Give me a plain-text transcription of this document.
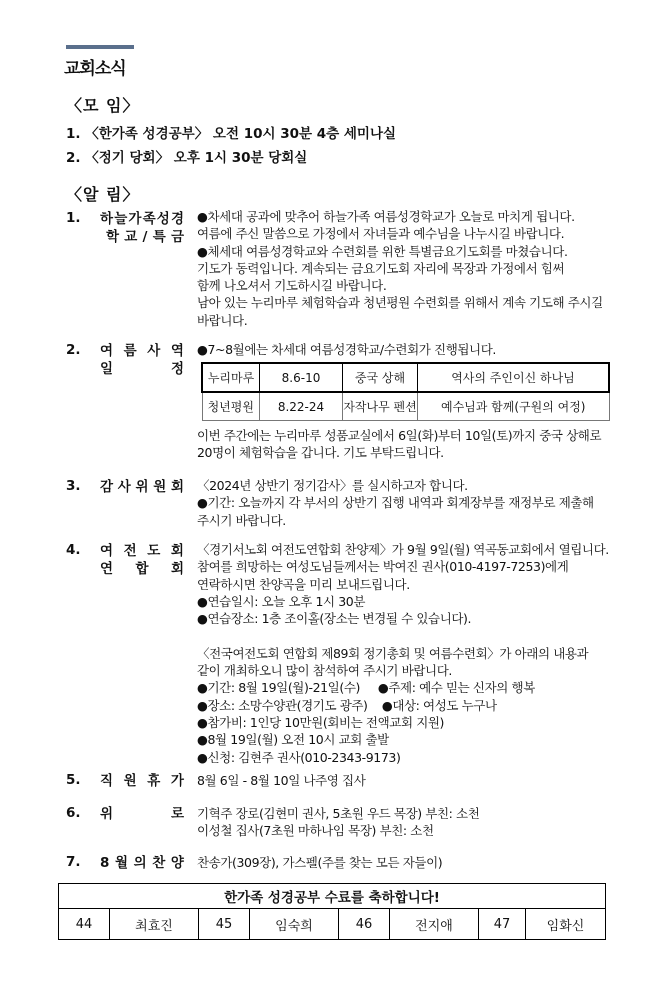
교회소식
〈모 임〉
1. 〈한가족 성경공부〉 오전 10시 30분 4층 세미나실
2. 〈정기 당회〉 오후 1시 30분 당회실
〈알 림〉
1. 하 늘 가 족 성 경
학 교 / 특 금
●차세대 공과에 맞추어 하늘가족 여름성경학교가 오늘로 마치게 됩니다.
여름에 주신 말씀으로 가정에서 자녀들과 예수님을 나누시길 바랍니다.
●체세대 여름성경학교와 수련회를 위한 특별금요기도회를 마쳤습니다.
기도가 동력입니다. 계속되는 금요기도회 자리에 목장과 가정에서 힘써
함께 나오셔서 기도하시길 바랍니다.
남아 있는 누리마루 체험학습과 청년평원 수련회를 위해서 계속 기도해 주시길
바랍니다.
2. 여 름 사 역
일	정
●7~8월에는 차세대 여름성경학교/수련회가 진행됩니다.
누리마루	8.6-10	중국 상해	역사의 주인이신 하나님
청년평원	8.22-24	자작나무 펜션	예수님과 함께(구원의 여정)
이번 주간에는 누리마루 성품교실에서 6일(화)부터 10일(토)까지 중국 상해로
20명이 체험학습을 갑니다. 기도 부탁드립니다.
3. 감 사 위 원 회 〈2024년 상반기 정기감사〉를 실시하고자 합니다.
●기간: 오늘까지 각 부서의 상반기 집행 내역과 회계장부를 재정부로 제출해
주시기 바랍니다.
4. 여 전 도 회
연 합 회
〈경기서노회 여전도연합회 찬양제〉가 9월 9일(월) 역곡동교회에서 열립니다.
참여를 희망하는 여성도님들께서는 박여진 권사(010-4197-7253)에게
연락하시면 찬양곡을 미리 보내드립니다.
●연습일시: 오늘 오후 1시 30분
●연습장소: 1층 조이홀(장소는 변경될 수 있습니다).
〈전국여전도회 연합회 제89회 정기총회 및 여름수련회〉가 아래의 내용과
같이 개최하오니 많이 참석하여 주시기 바랍니다.
●기간: 8월 19일(월)-21일(수)     ●주제: 예수 믿는 신자의 행복
●장소: 소망수양관(경기도 광주)    ●대상: 여성도 누구나
●참가비: 1인당 10만원(회비는 전액교회 지원)
●8월 19일(월) 오전 10시 교회 출발
●신청: 김현주 권사(010-2343-9173)
5. 직 원 휴 가 8월 6일 - 8월 10일 나주영 집사
6. 위	로 기혁주 장로(김현미 권사, 5초원 우드 목장) 부친: 소천
이성철 집사(7초원 마하나임 목장) 부친: 소천
7. 8 월 의 찬 양 찬송가(309장), 가스펠(주를 찾는 모든 자들이)
한가족 성경공부 수료를 축하합니다!
44	최효진	45	임숙희	46	전지애	47	임화신
